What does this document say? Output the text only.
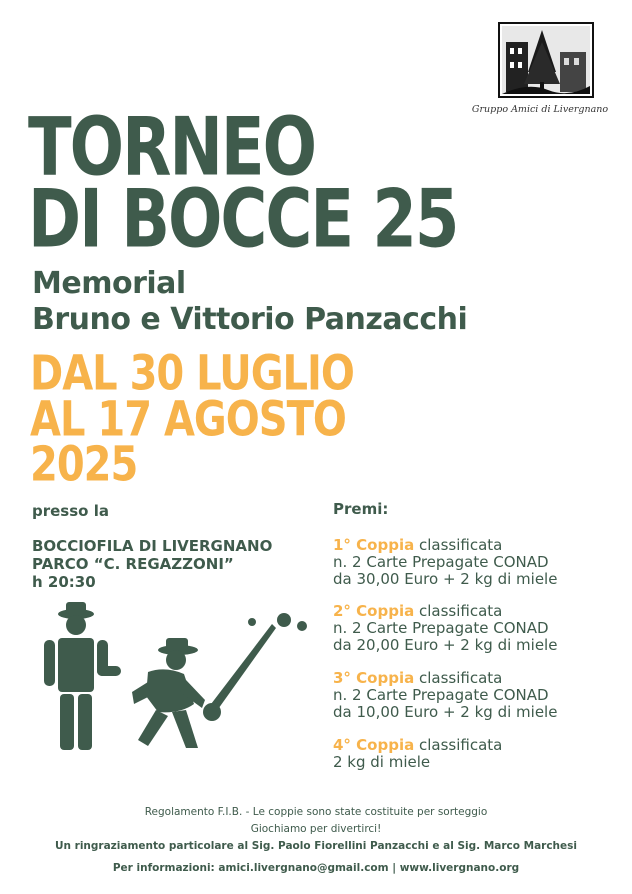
Gruppo Amici di Livergnano
TORNEO
DI BOCCE 25
Memorial
Bruno e Vittorio Panzacchi
DAL 30 LUGLIO
AL 17 AGOSTO
2025
presso la
BOCCIOFILA DI LIVERGNANO
PARCO “C. REGAZZONI”
h 20:30
Premi:
1° Coppia classificata
n. 2 Carte Prepagate CONAD
da 30,00 Euro + 2 kg di miele
2° Coppia classificata
n. 2 Carte Prepagate CONAD
da 20,00 Euro + 2 kg di miele
3° Coppia classificata
n. 2 Carte Prepagate CONAD
da 10,00 Euro + 2 kg di miele
4° Coppia classificata
2 kg di miele
Regolamento F.I.B. - Le coppie sono state costituite per sorteggio
Giochiamo per divertirci!
Un ringraziamento particolare al Sig. Paolo Fiorellini Panzacchi e al Sig. Marco Marchesi
Per informazioni: amici.livergnano@gmail.com | www.livergnano.org
